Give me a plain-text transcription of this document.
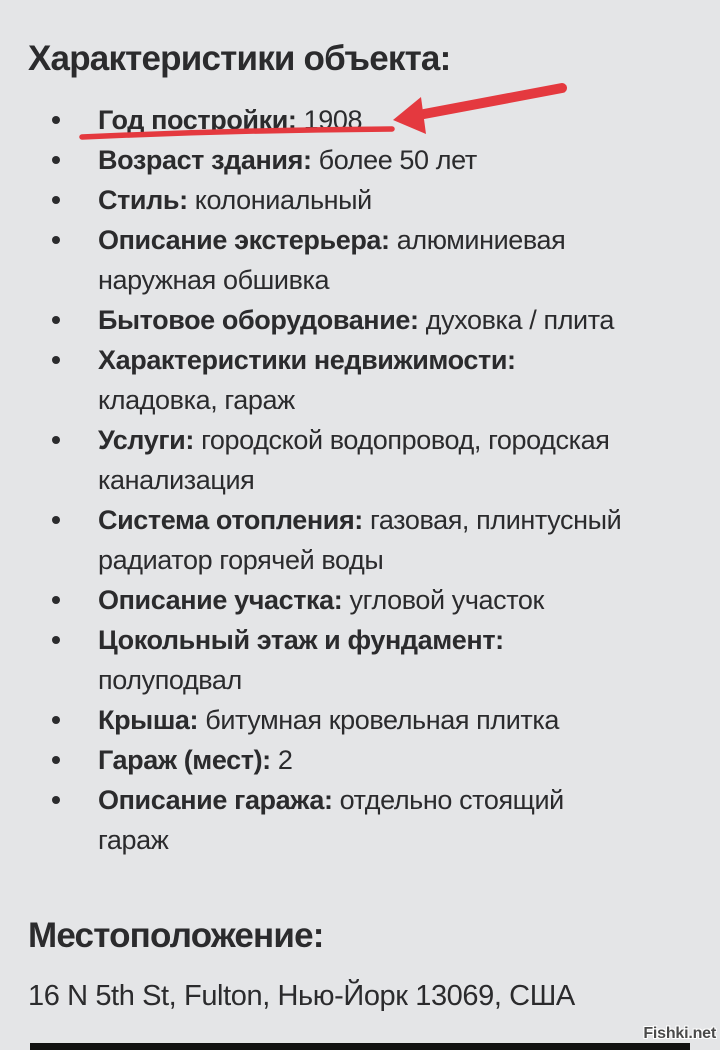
Характеристики объекта:
Год постройки: 1908
Возраст здания: более 50 лет
Стиль: колониальный
Описание экстерьера: алюминиевая
наружная обшивка
Бытовое оборудование: духовка / плита
Характеристики недвижимости:
кладовка, гараж
Услуги: городской водопровод, городская
канализация
Система отопления: газовая, плинтусный
радиатор горячей воды
Описание участка: угловой участок
Цокольный этаж и фундамент:
полуподвал
Крыша: битумная кровельная плитка
Гараж (мест): 2
Описание гаража: отдельно стоящий
гараж
Местоположение:
16 N 5th St, Fulton, Нью-Йорк 13069, США
Fishki.net
